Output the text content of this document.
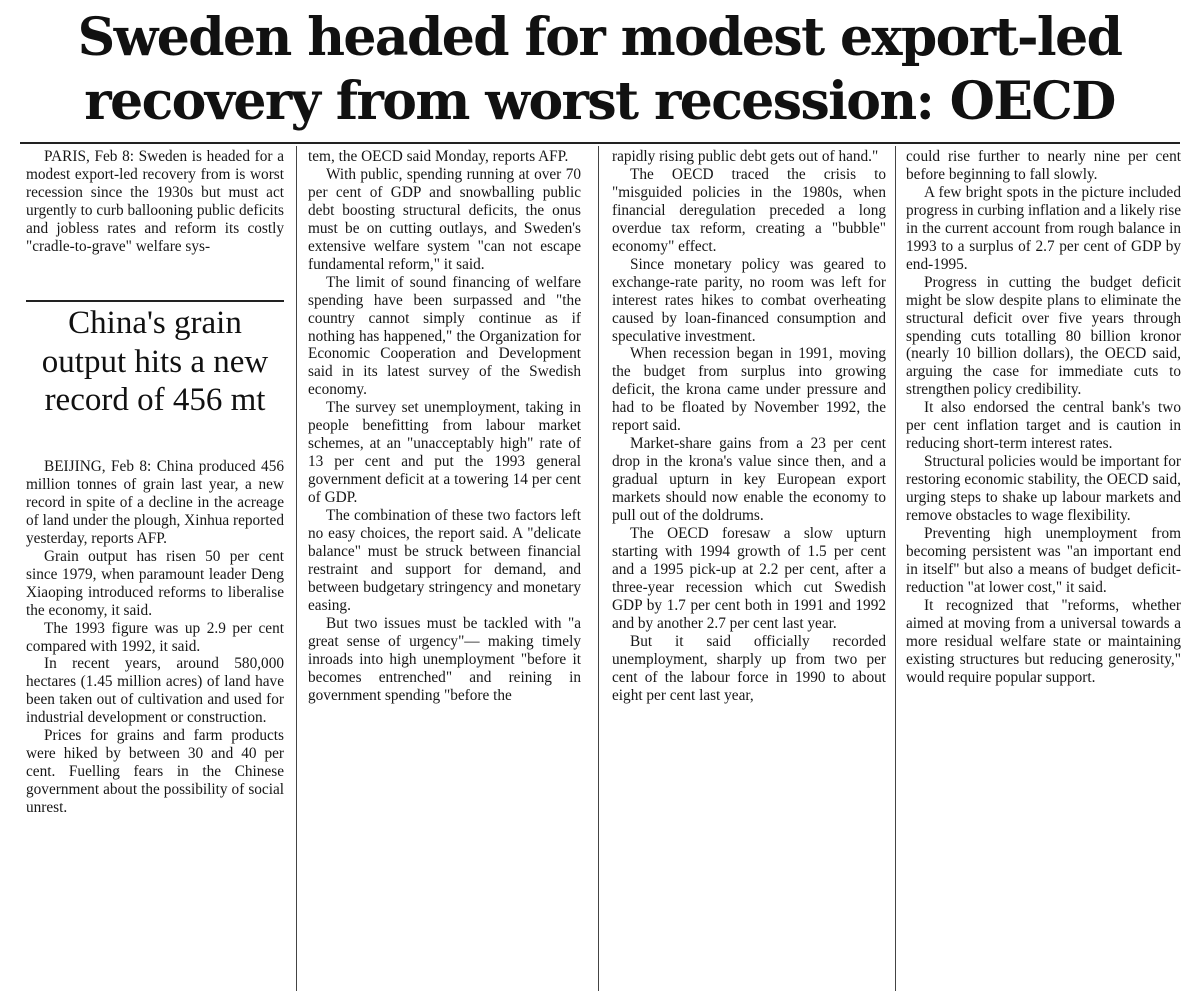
Sweden headed for modest export-led recovery from worst recession: OECD

PARIS, Feb 8: Sweden is headed for a modest export-led recovery from is worst recession since the 1930s but must act urgently to curb ballooning public deficits and jobless rates and reform its costly "cradle-to-grave" welfare sys-

China's grain output hits a new record of 456 mt

BEIJING, Feb 8: China produced 456 million tonnes of grain last year, a new record in spite of a decline in the acreage of land under the plough, Xinhua reported yesterday, reports AFP.

Grain output has risen 50 per cent since 1979, when paramount leader Deng Xiaoping introduced reforms to liberalise the economy, it said.

The 1993 figure was up 2.9 per cent compared with 1992, it said.

In recent years, around 580,000 hectares (1.45 million acres) of land have been taken out of cultivation and used for industrial development or construction.

Prices for grains and farm products were hiked by between 30 and 40 per cent. Fuelling fears in the Chinese government about the possibility of social unrest.

tem, the OECD said Monday, reports AFP.

With public, spending running at over 70 per cent of GDP and snowballing public debt boosting structural deficits, the onus must be on cutting outlays, and Sweden's extensive welfare system "can not escape fundamental reform," it said.

The limit of sound financing of welfare spending have been surpassed and "the country cannot simply continue as if nothing has happened," the Organization for Economic Cooperation and Development said in its latest survey of the Swedish economy.

The survey set unemployment, taking in people benefitting from labour market schemes, at an "unacceptably high" rate of 13 per cent and put the 1993 general government deficit at a towering 14 per cent of GDP.

The combination of these two factors left no easy choices, the report said. A "delicate balance" must be struck between financial restraint and support for demand, and between budgetary stringency and monetary easing.

But two issues must be tackled with "a great sense of urgency"— making timely inroads into high unemployment "before it becomes entrenched" and reining in government spending "before the

rapidly rising public debt gets out of hand."

The OECD traced the crisis to "misguided policies in the 1980s, when financial deregulation preceded a long overdue tax reform, creating a "bubble" economy" effect.

Since monetary policy was geared to exchange-rate parity, no room was left for interest rates hikes to combat overheating caused by loan-financed consumption and speculative investment.

When recession began in 1991, moving the budget from surplus into growing deficit, the krona came under pressure and had to be floated by November 1992, the report said.

Market-share gains from a 23 per cent drop in the krona's value since then, and a gradual upturn in key European export markets should now enable the economy to pull out of the doldrums.

The OECD foresaw a slow upturn starting with 1994 growth of 1.5 per cent and a 1995 pick-up at 2.2 per cent, after a three-year recession which cut Swedish GDP by 1.7 per cent both in 1991 and 1992 and by another 2.7 per cent last year.

But it said officially recorded unemployment, sharply up from two per cent of the labour force in 1990 to about eight per cent last year,

could rise further to nearly nine per cent before beginning to fall slowly.

A few bright spots in the picture included progress in curbing inflation and a likely rise in the current account from rough balance in 1993 to a surplus of 2.7 per cent of GDP by end-1995.

Progress in cutting the budget deficit might be slow despite plans to eliminate the structural deficit over five years through spending cuts totalling 80 billion kronor (nearly 10 billion dollars), the OECD said, arguing the case for immediate cuts to strengthen policy credibility.

It also endorsed the central bank's two per cent inflation target and is caution in reducing short-term interest rates.

Structural policies would be important for restoring economic stability, the OECD said, urging steps to shake up labour markets and remove obstacles to wage flexibility.

Preventing high unemployment from becoming persistent was "an important end in itself" but also a means of budget deficit-reduction "at lower cost," it said.

It recognized that "reforms, whether aimed at moving from a universal towards a more residual welfare state or maintaining existing structures but reducing generosity," would require popular support.
